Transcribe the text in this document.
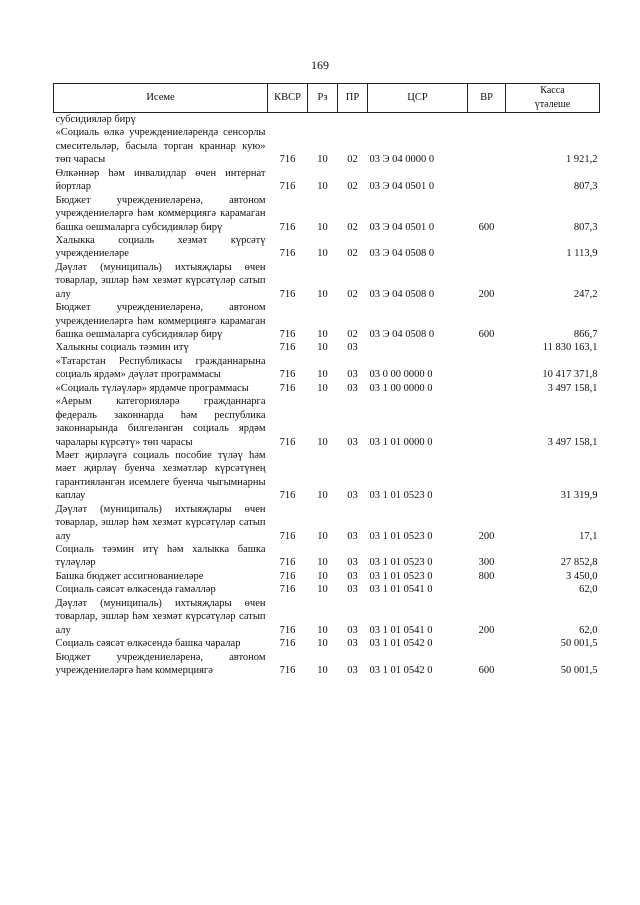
169
Исеме	КВСР	Рз	ПР	ЦСР	ВР	Касса
үтәлеше
субсидияләр бирү						
«Социаль өлкә учреждениеләрендә сенсорлы смесительләр, басыла торган краннар кую» төп чарасы	716	10	02	03 Э 04 0000 0		1 921,2
Өлкәннәр һәм инвалидлар өчен интернат йортлар	716	10	02	03 Э 04 0501 0		807,3
Бюджет учреждениеләренә, автоном учреждениеләргә һәм коммерциягә карамаган башка оешмаларга субсидияләр бирү	716	10	02	03 Э 04 0501 0	600	807,3
Халыкка социаль хезмәт күрсәтү учреждениеләре	716	10	02	03 Э 04 0508 0		1 113,9
Дәүләт (муниципаль) ихтыяҗлары өчен товарлар, эшләр һәм хезмәт күрсәтүләр сатып алу	716	10	02	03 Э 04 0508 0	200	247,2
Бюджет учреждениеләренә, автоном учреждениеләргә һәм коммерциягә карамаган башка оешмаларга субсидияләр бирү	716	10	02	03 Э 04 0508 0	600	866,7
Халыкны социаль тәэмин итү	716	10	03			11 830 163,1
«Татарстан Республикасы гражданнарына социаль ярдәм» дәүләт программасы	716	10	03	03 0 00 0000 0		10 417 371,8
«Социаль түләүләр» ярдәмче программасы	716	10	03	03 1 00 0000 0		3 497 158,1
«Аерым категорияләрә гражданнарга федераль законнарда һәм республика законнарында билгеләнгән социаль ярдәм чаралары күрсәтү» төп чарасы	716	10	03	03 1 01 0000 0		3 497 158,1
Мәет җирләүгә социаль пособие түләү һәм мәет җирләү буенча хезмәтләр күрсәтүнең гарантияләнгән исемлеге буенча чыгымнарны каплау	716	10	03	03 1 01 0523 0		31 319,9
Дәүләт (муниципаль) ихтыяҗлары өчен товарлар, эшләр һәм хезмәт күрсәтүләр сатып алу	716	10	03	03 1 01 0523 0	200	17,1
Социаль тәэмин итү һәм халыкка башка түләүләр	716	10	03	03 1 01 0523 0	300	27 852,8
Башка бюджет ассигнованиеләре	716	10	03	03 1 01 0523 0	800	3 450,0
Социаль сәясәт өлкәсендә гамәлләр	716	10	03	03 1 01 0541 0		62,0
Дәүләт (муниципаль) ихтыяҗлары өчен товарлар, эшләр һәм хезмәт күрсәтүләр сатып алу	716	10	03	03 1 01 0541 0	200	62,0
Социаль сәясәт өлкәсендә башка чаралар	716	10	03	03 1 01 0542 0		50 001,5
Бюджет учреждениеләренә, автоном учреждениеләргә һәм коммерциягә	716	10	03	03 1 01 0542 0	600	50 001,5
